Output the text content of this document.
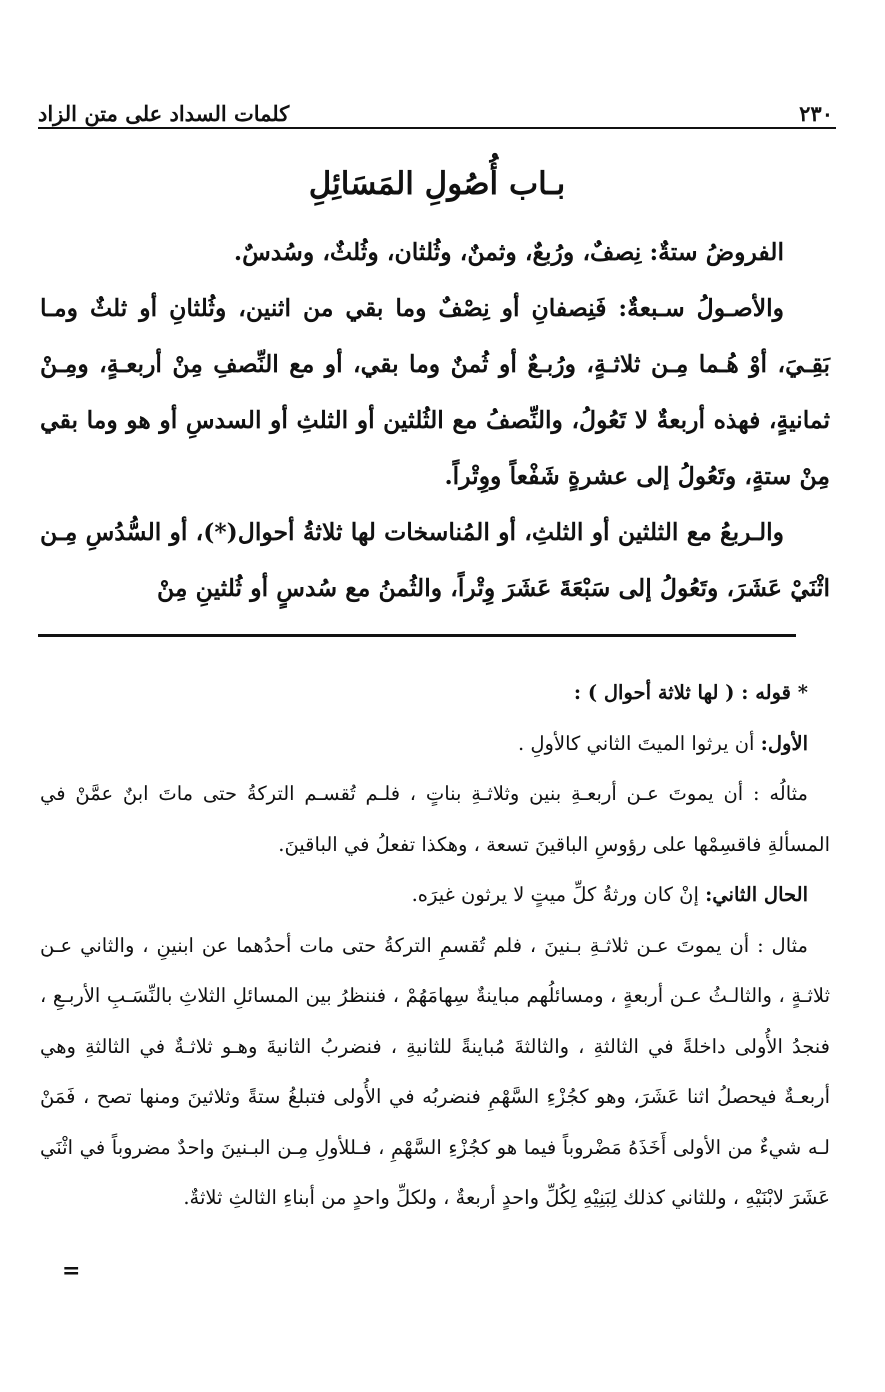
٢٣٠
كلمات السداد على متن الزاد
بـاب أُصُولِ المَسَائِلِ

الفروضُ ستةٌ: نِصفٌ، ورُبعٌ، وثمنٌ، وثُلثان، وثُلثٌ، وسُدسٌ.

والأصـولُ سـبعةٌ: فَنِصفانِ أو نِصْفٌ وما بقي من اثنين، وثُلثانِ أو ثلثٌ ومـا بَقِـيَ، أوْ هُـما مِـن ثلاثـةٍ، ورُبـعٌ أو ثُمنٌ وما بقي، أو مع النِّصفِ مِنْ أربعـةٍ، ومِـنْ ثمانيةٍ، فهذه أربعةٌ لا تَعُولُ، والنِّصفُ مع الثُلثين أو الثلثِ أو السدسِ أو هو وما بقي مِنْ ستةٍ، وتَعُولُ إلى عشرةٍ شَفْعاً ووِتْراً.

والـربعُ مع الثلثين أو الثلثِ، أو المُناسخات لها ثلاثةُ أحوال(*)، أو السُّدُسِ مِـن اثْنَيْ عَشَرَ، وتَعُولُ إلى سَبْعَةَ عَشَرَ وِتْراً، والثُمنُ مع سُدسٍ أو ثُلثينِ مِنْ

* قوله : ( لها ثلاثة أحوال ) :

الأول: أن يرثوا الميتَ الثاني كالأولِ .

مثالُه : أن يموتَ عـن أربعـةِ بنين وثلاثـةِ بناتٍ ، فلـم تُقسـم التركةُ حتى ماتَ ابنٌ عمَّنْ في المسألةِ فاقسِمْها على رؤوسِ الباقينَ تسعة ، وهكذا تفعلُ في الباقينَ.

الحال الثاني: إنْ كان ورثةُ كلِّ ميتٍ لا يرثون غيرَه.

مثال : أن يموتَ عـن ثلاثـةِ بـنينَ ، فلم تُقسمِ التركةُ حتى مات أحدُهما عن ابنينِ ، والثاني عـن ثلاثـةٍ ، والثالـثُ عـن أربعةٍ ، ومسائلُهم مباينةٌ سِهامَهُمْ ، فننظرُ بين المسائلِ الثلاثِ بالنِّسَـبِ الأربـعِ ، فنجدُ الأُولى داخلةً في الثالثةِ ، والثالثةَ مُباينةً للثانيةِ ، فنضربُ الثانيةَ وهـو ثلاثـةٌ في الثالثةِ وهي أربعـةٌ فيحصلُ اثنا عَشَرَ، وهو كجُزْءِ السَّهْمِ فنضربُه في الأُولى فتبلغُ ستةً وثلاثينَ ومنها تصح ، فَمَنْ لـه شيءٌ من الأولى أَخَذَهُ مَضْروباً فيما هو كجُزْءِ السَّهْمِ ، فـللأولِ مِـن البـنينَ واحدٌ مضروباً في اثْنَي عَشَرَ لابْنَيْهِ ، وللثاني كذلك لِبَنِيْهِ لِكُلِّ واحدٍ أربعةٌ ، ولكلِّ واحدٍ من أبناءِ الثالثِ ثلاثةٌ.

=
